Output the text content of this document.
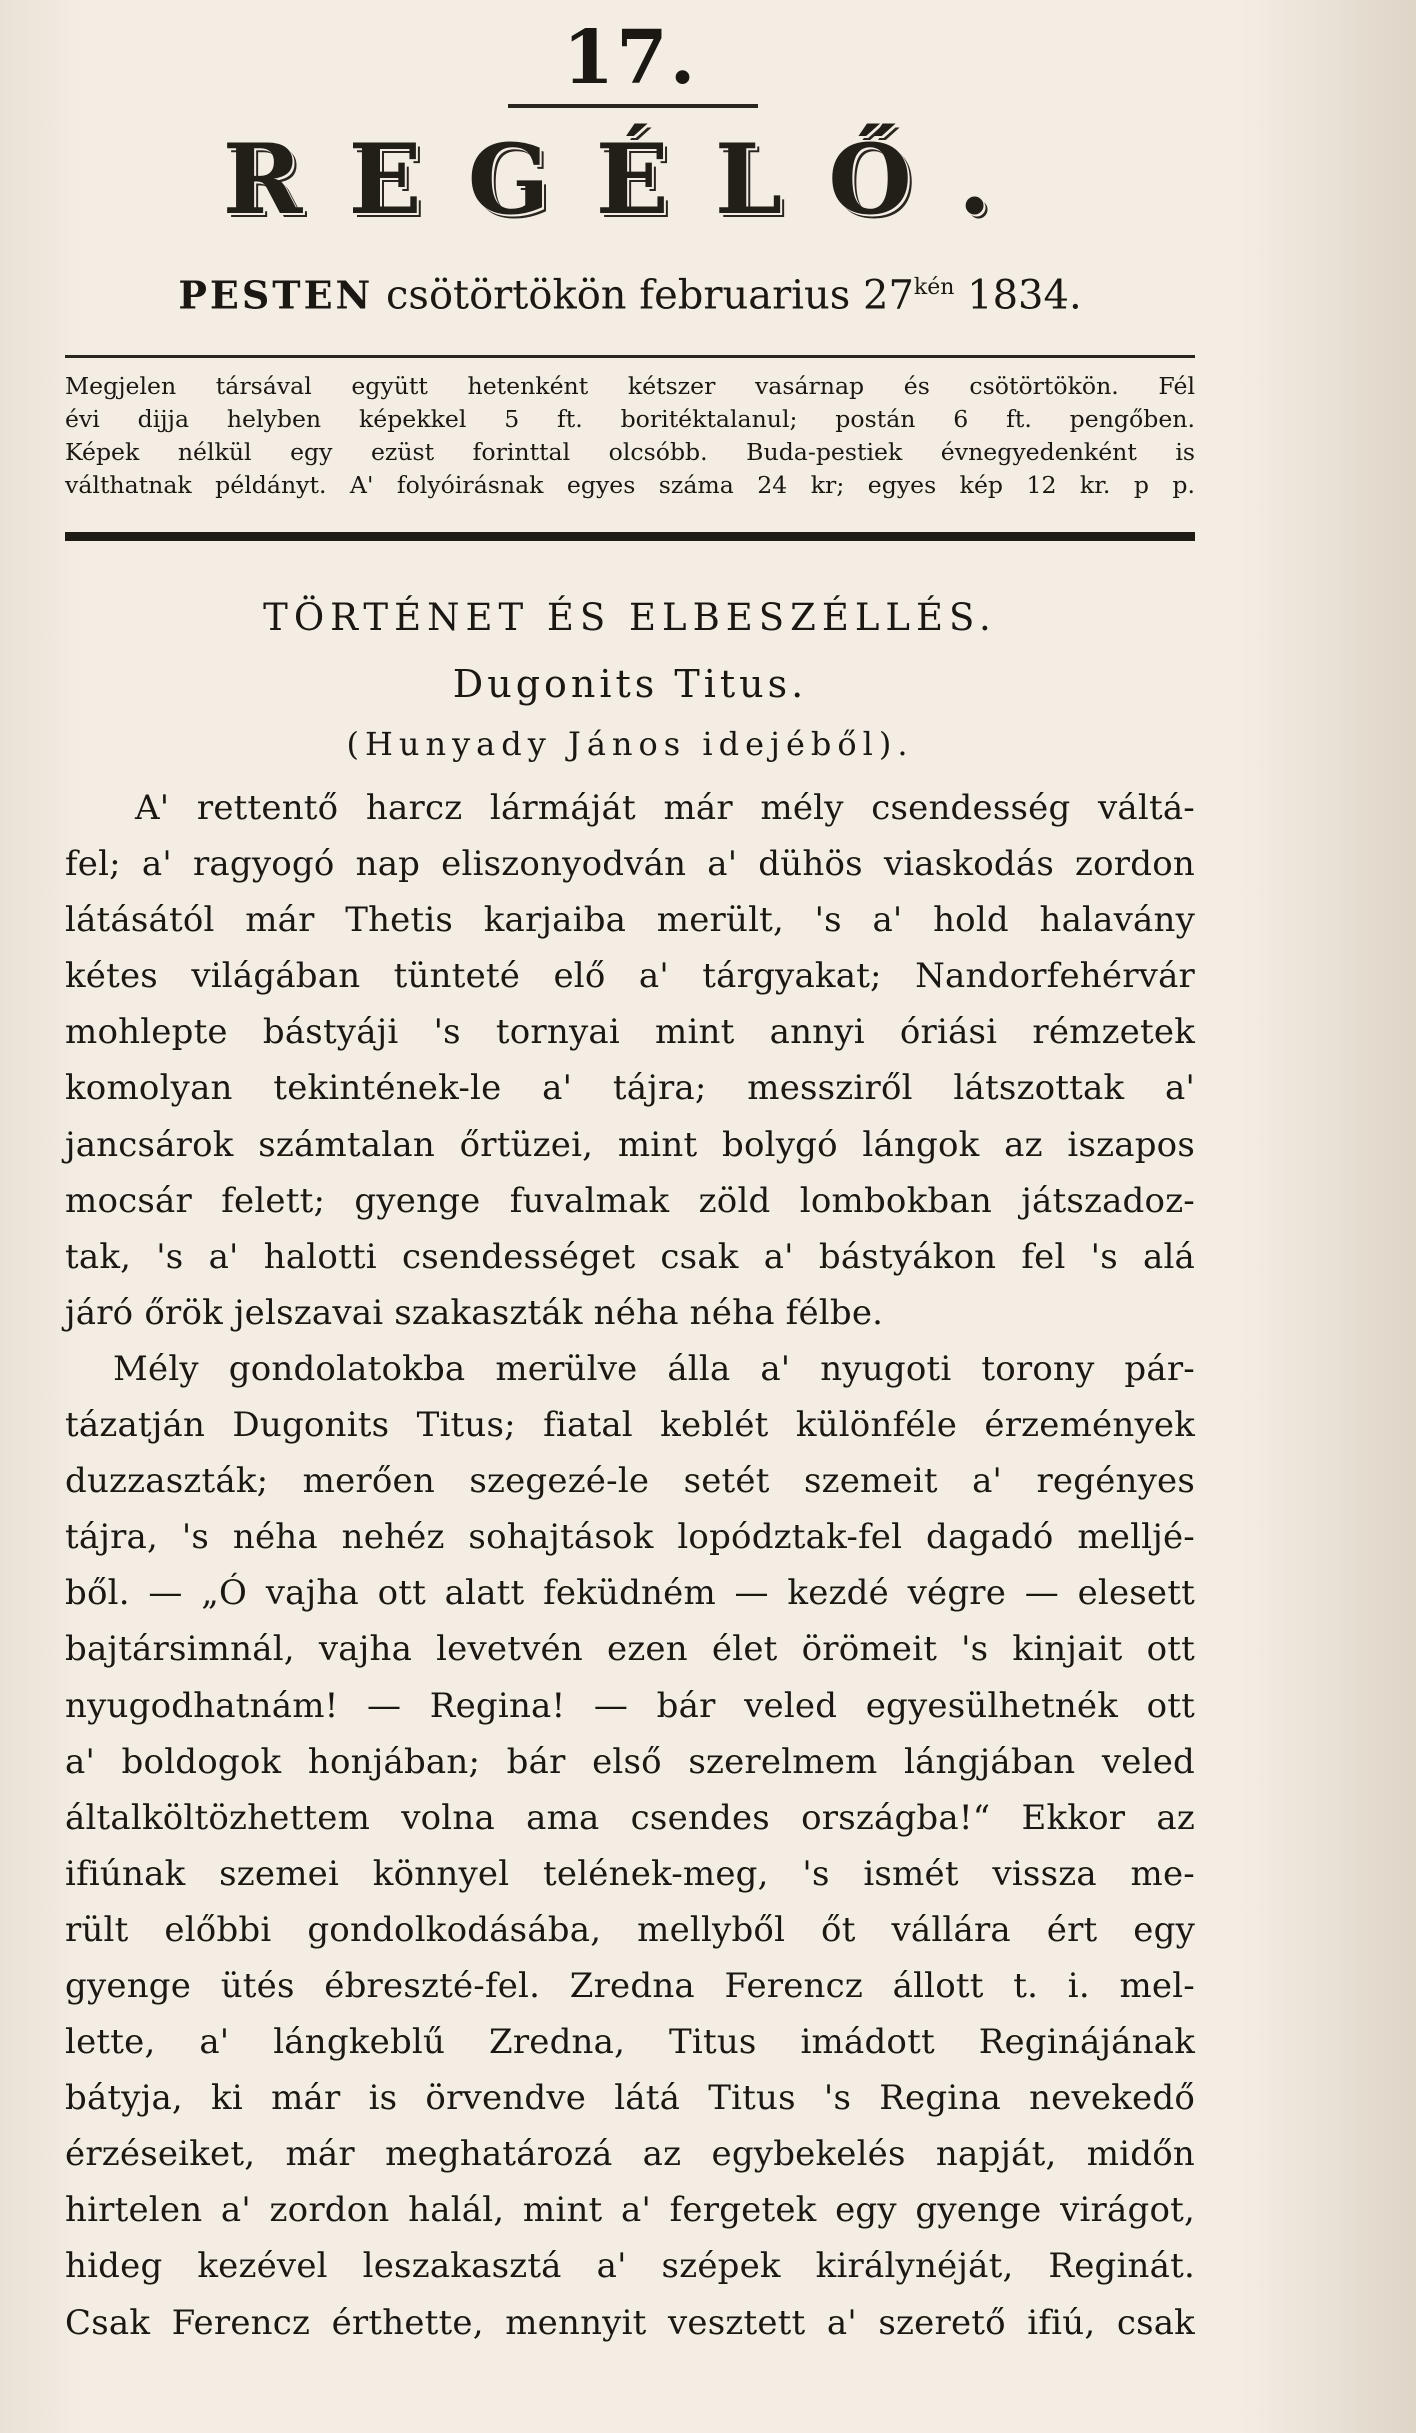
17.
REGÉLŐ.
PESTEN csötörtökön februarius $27^{kén}$ 1834.
Megjelen társával együtt hetenként kétszer vasárnap és csötörtökön. Fél
évi dijja helyben képekkel 5 ft. boritéktalanul; postán 6 ft. pengőben.
Képek nélkül egy ezüst forinttal olcsóbb. Buda-pestiek évnegyedenként is
válthatnak példányt. A' folyóirásnak egyes száma 24 kr; egyes kép 12 kr. p p.
TÖRTÉNET ÉS ELBESZÉLLÉS.
Dugonits Titus.
(Hunyady János idejéből).
A' rettentő harcz lármáját már mély csendesség váltá-
fel; a' ragyogó nap eliszonyodván a' dühös viaskodás zordon
látásától már Thetis karjaiba merült, 's a' hold halavány
kétes világában tünteté elő a' tárgyakat; Nandorfehérvár
mohlepte bástyáji 's tornyai mint annyi óriási rémzetek
komolyan tekintének-le a' tájra; messziről látszottak a'
jancsárok számtalan őrtüzei, mint bolygó lángok az iszapos
mocsár felett; gyenge fuvalmak zöld lombokban játszadoz-
tak, 's a' halotti csendességet csak a' bástyákon fel 's alá
járó őrök jelszavai szakaszták néha néha félbe.
Mély gondolatokba merülve álla a' nyugoti torony pár-
tázatján Dugonits Titus; fiatal keblét különféle érzemények
duzzaszták; merően szegezé-le setét szemeit a' regényes
tájra, 's néha nehéz sohajtások lopództak-fel dagadó melljé-
ből. — „Ó vajha ott alatt feküdném — kezdé végre — elesett
bajtársimnál, vajha levetvén ezen élet örömeit 's kinjait ott
nyugodhatnám! — Regina! — bár veled egyesülhetnék ott
a' boldogok honjában; bár első szerelmem lángjában veled
általköltözhettem volna ama csendes országba!“ Ekkor az
ifiúnak szemei könnyel telének-meg, 's ismét vissza me-
rült előbbi gondolkodásába, mellyből őt vállára ért egy
gyenge ütés ébreszté-fel. Zredna Ferencz állott t. i. mel-
lette, a' lángkeblű Zredna, Titus imádott Reginájának
bátyja, ki már is örvendve látá Titus 's Regina nevekedő
érzéseiket, már meghatározá az egybekelés napját, midőn
hirtelen a' zordon halál, mint a' fergetek egy gyenge virágot,
hideg kezével leszakasztá a' szépek királynéját, Reginát.
Csak Ferencz érthette, mennyit vesztett a' szerető ifiú, csak
